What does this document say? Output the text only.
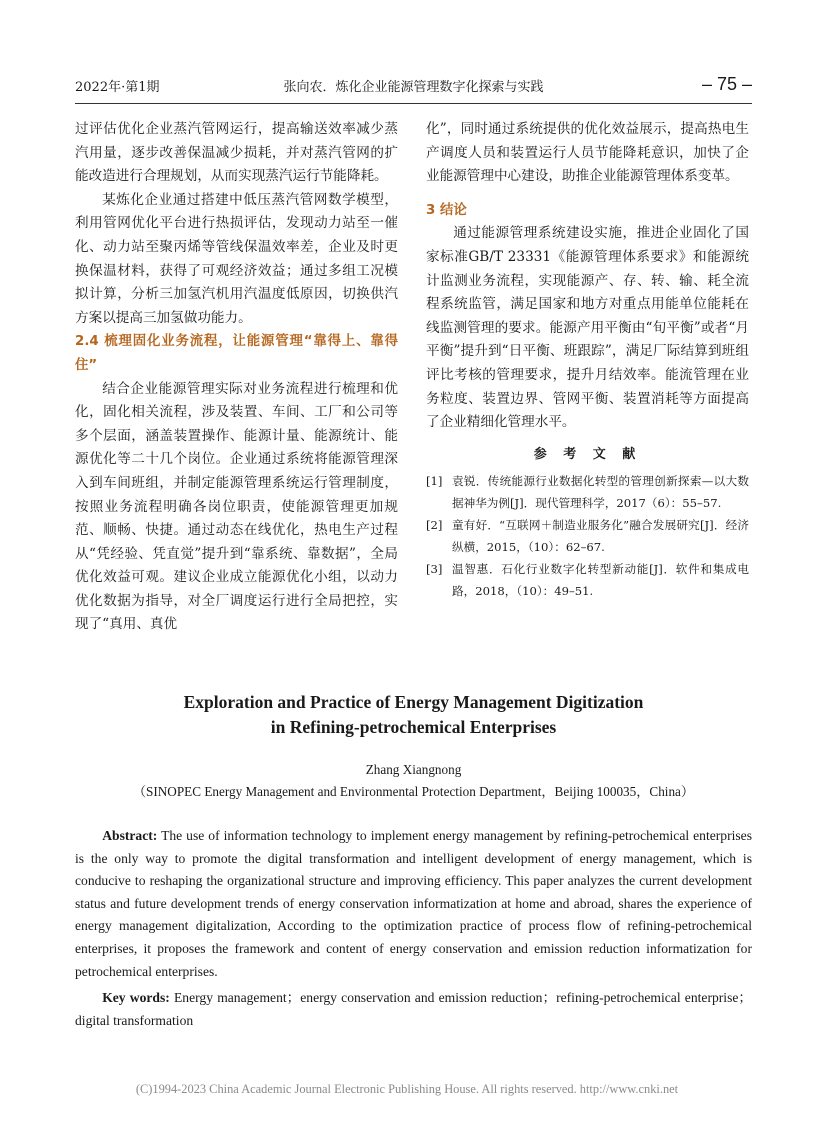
2022年·第1期	张向农．炼化企业能源管理数字化探索与实践	– 75 –

过评估优化企业蒸汽管网运行，提高输送效率减少蒸汽用量，逐步改善保温减少损耗，并对蒸汽管网的扩能改造进行合理规划，从而实现蒸汽运行节能降耗。

某炼化企业通过搭建中低压蒸汽管网数学模型，利用管网优化平台进行热损评估，发现动力站至一催化、动力站至聚丙烯等管线保温效率差，企业及时更换保温材料，获得了可观经济效益；通过多组工况模拟计算，分析三加氢汽机用汽温度低原因，切换供汽方案以提高三加氢做功能力。

2.4 梳理固化业务流程，让能源管理“靠得上、靠得住”

结合企业能源管理实际对业务流程进行梳理和优化，固化相关流程，涉及装置、车间、工厂和公司等多个层面，涵盖装置操作、能源计量、能源统计、能源优化等二十几个岗位。企业通过系统将能源管理深入到车间班组，并制定能源管理系统运行管理制度，按照业务流程明确各岗位职责，使能源管理更加规范、顺畅、快捷。通过动态在线优化，热电生产过程从“凭经验、凭直觉”提升到“靠系统、靠数据”，全局优化效益可观。建议企业成立能源优化小组，以动力优化数据为指导，对全厂调度运行进行全局把控，实现了“真用、真优

化”，同时通过系统提供的优化效益展示，提高热电生产调度人员和装置运行人员节能降耗意识，加快了企业能源管理中心建设，助推企业能源管理体系变革。

3 结论

通过能源管理系统建设实施，推进企业固化了国家标准GB/T 23331《能源管理体系要求》和能源统计监测业务流程，实现能源产、存、转、输、耗全流程系统监管，满足国家和地方对重点用能单位能耗在线监测管理的要求。能源产用平衡由“旬平衡”或者“月平衡”提升到“日平衡、班跟踪”，满足厂际结算到班组评比考核的管理要求，提升月结效率。能流管理在业务粒度、装置边界、管网平衡、装置消耗等方面提高了企业精细化管理水平。

参 考 文 献
[1] 袁锐．传统能源行业数据化转型的管理创新探索—以大数据神华为例[J]．现代管理科学，2017（6）：55–57.
[2] 童有好．“互联网＋制造业服务化”融合发展研究[J]．经济纵横，2015，（10）：62–67.
[3] 温智惠．石化行业数字化转型新动能[J]．软件和集成电路，2018，（10）：49–51.
Exploration and Practice of Energy Management Digitization
in Refining-petrochemical Enterprises
Zhang Xiangnong
（SINOPEC Energy Management and Environmental Protection Department，Beijing 100035，China）

Abstract: The use of information technology to implement energy management by refining-petrochemical enterprises is the only way to promote the digital transformation and intelligent development of energy management, which is conducive to reshaping the organizational structure and improving efficiency. This paper analyzes the current development status and future development trends of energy conservation informatization at home and abroad, shares the experience of energy management digitalization, According to the optimization practice of process flow of refining-petrochemical enterprises, it proposes the framework and content of energy conservation and emission reduction informatization for petrochemical enterprises.

Key words: Energy management；energy conservation and emission reduction；refining-petrochemical enterprise；digital transformation

(C)1994-2023 China Academic Journal Electronic Publishing House. All rights reserved. http://www.cnki.net
